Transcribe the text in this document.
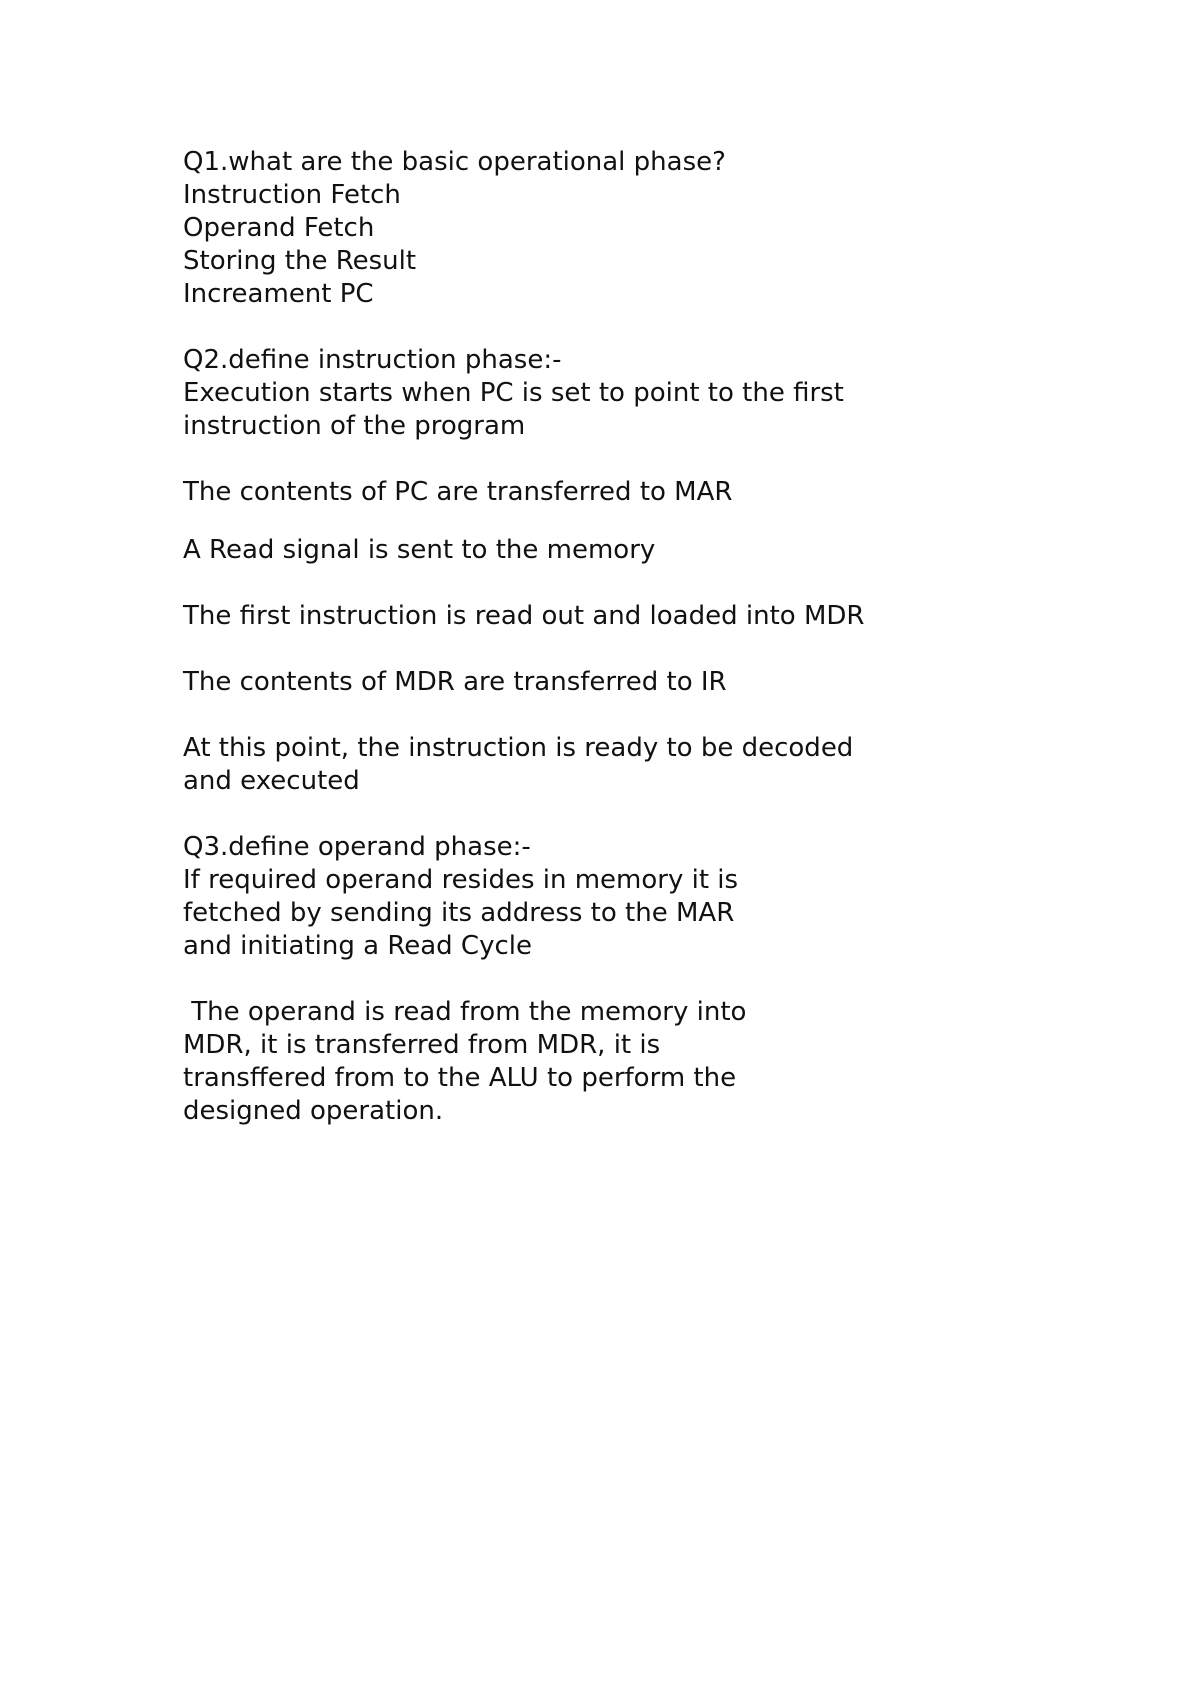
Q1.what are the basic operational phase?
Instruction Fetch
Operand Fetch
Storing the Result
Increament PC
Q2.define instruction phase:-
Execution starts when PC is set to point to the first
instruction of the program
The contents of PC are transferred to MAR
A Read signal is sent to the memory
The first instruction is read out and loaded into MDR
The contents of MDR are transferred to IR
At this point, the instruction is ready to be decoded
and executed
Q3.define operand phase:-
If required operand resides in memory it is
fetched by sending its address to the MAR
and initiating a Read Cycle
The operand is read from the memory into
MDR, it is transferred from MDR, it is
transffered from to the ALU to perform the
designed operation.
